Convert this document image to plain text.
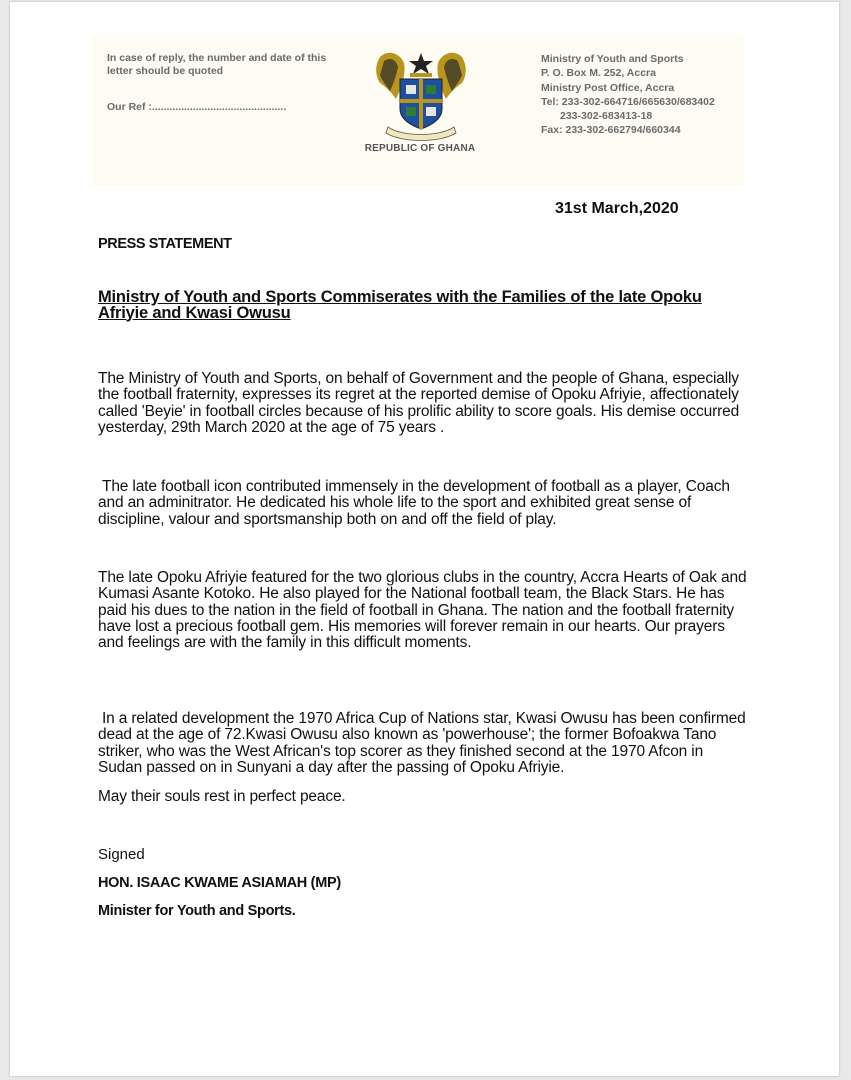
In case of reply, the number and date of this letter should be quoted
Our Ref :..............................................
REPUBLIC OF GHANA
Ministry of Youth and Sports
P. O. Box M. 252, Accra
Ministry Post Office, Accra
Tel: 233-302-664716/665630/683402
233-302-683413-18
Fax: 233-302-662794/660344
31st March,2020
PRESS STATEMENT
Ministry of Youth and Sports Commiserates with the Families of the late Opoku Afriyie and Kwasi Owusu
The Ministry of Youth and Sports, on behalf of Government and the people of Ghana, especially the football fraternity, expresses its regret at the reported demise of Opoku Afriyie, affectionately called 'Beyie' in football circles because of his prolific ability to score goals. His demise occurred yesterday, 29th March 2020 at the age of 75 years .
The late football icon contributed immensely in the development of football as a player, Coach and an adminitrator. He dedicated his whole life to the sport and exhibited great sense of discipline, valour and sportsmanship both on and off the field of play.
The late Opoku Afriyie featured for the two glorious clubs in the country, Accra Hearts of Oak and Kumasi Asante Kotoko. He also played for the National football team, the Black Stars. He has paid his dues to the nation in the field of football in Ghana. The nation and the football fraternity have lost a precious football gem. His memories will forever remain in our hearts. Our prayers and feelings are with the family in this difficult moments.
In a related development the 1970 Africa Cup of Nations star, Kwasi Owusu has been confirmed dead at the age of 72.Kwasi Owusu also known as 'powerhouse'; the former Bofoakwa Tano striker, who was the West African's top scorer as they finished second at the 1970 Afcon in Sudan passed on in Sunyani a day after the passing of Opoku Afriyie.
May their souls rest in perfect peace.
Signed
HON. ISAAC KWAME ASIAMAH (MP)
Minister for Youth and Sports.
